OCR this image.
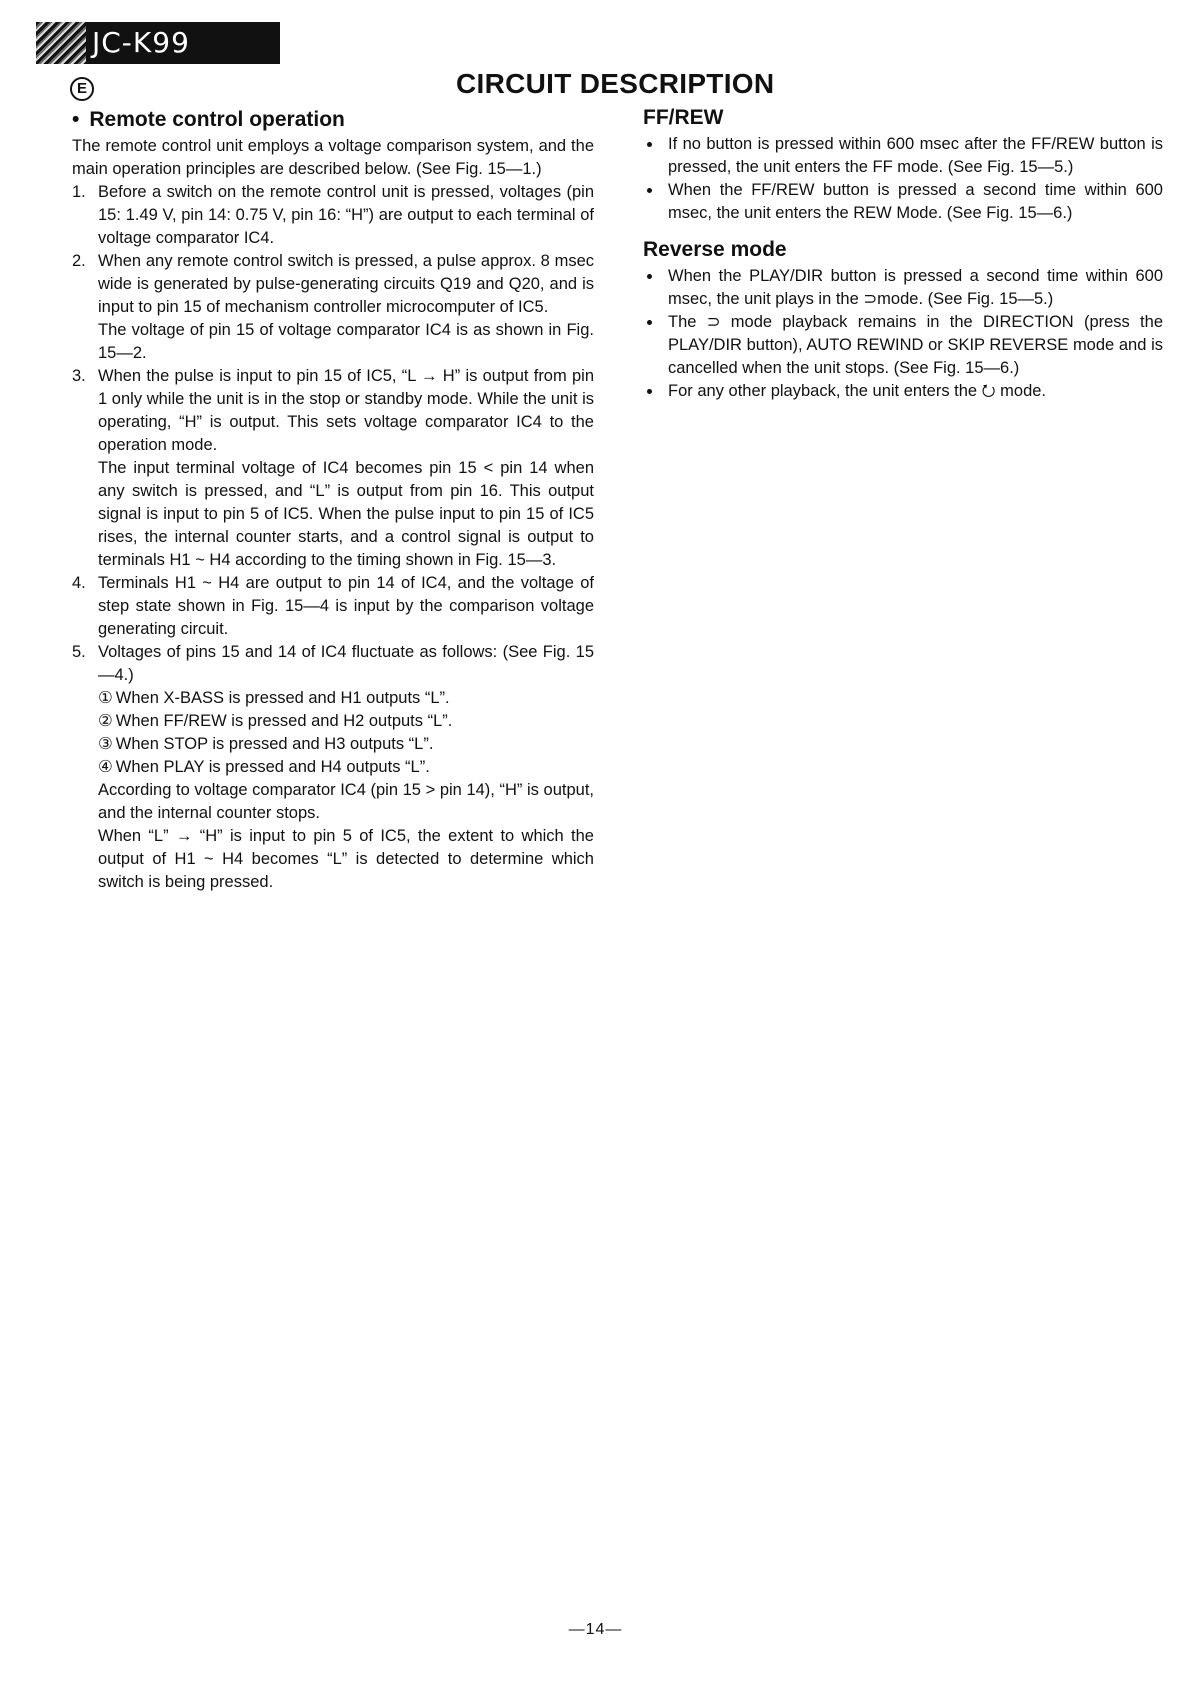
JC-K99
E	CIRCUIT DESCRIPTION
• Remote control operation

The remote control unit employs a voltage comparison system, and the main operation principles are described below. (See Fig. 15—1.)

1. Before a switch on the remote control unit is pressed, voltages (pin 15: 1.49 V, pin 14: 0.75 V, pin 16: “H”) are output to each terminal of voltage comparator IC4.

2. When any remote control switch is pressed, a pulse approx. 8 msec wide is generated by pulse-generating circuits Q19 and Q20, and is input to pin 15 of mechanism controller microcomputer of IC5.

The voltage of pin 15 of voltage comparator IC4 is as shown in Fig. 15—2.

3. When the pulse is input to pin 15 of IC5, “L → H” is output from pin 1 only while the unit is in the stop or standby mode. While the unit is operating, “H” is output. This sets voltage comparator IC4 to the operation mode.

The input terminal voltage of IC4 becomes pin 15 < pin 14 when any switch is pressed, and “L” is output from pin 16. This output signal is input to pin 5 of IC5. When the pulse input to pin 15 of IC5 rises, the internal counter starts, and a control signal is output to terminals H1 ~ H4 according to the timing shown in Fig. 15—3.

4. Terminals H1 ~ H4 are output to pin 14 of IC4, and the voltage of step state shown in Fig. 15—4 is input by the comparison voltage generating circuit.

5. Voltages of pins 15 and 14 of IC4 fluctuate as follows: (See Fig. 15—4.)

① When X-BASS is pressed and H1 outputs “L”.
② When FF/REW is pressed and H2 outputs “L”.
③ When STOP is pressed and H3 outputs “L”.
④ When PLAY is pressed and H4 outputs “L”.

According to voltage comparator IC4 (pin 15 > pin 14), “H” is output, and the internal counter stops.

When “L” → “H” is input to pin 5 of IC5, the extent to which the output of H1 ~ H4 becomes “L” is detected to determine which switch is being pressed.

FF/REW
If no button is pressed within 600 msec after the FF/REW button is pressed, the unit enters the FF mode. (See Fig. 15—5.)
When the FF/REW button is pressed a second time within 600 msec, the unit enters the REW Mode. (See Fig. 15—6.)
Reverse mode
When the PLAY/DIR button is pressed a second time within 600 msec, the unit plays in the ⊃mode. (See Fig. 15—5.)
The ⊃ mode playback remains in the DIRECTION (press the PLAY/DIR button), AUTO REWIND or SKIP REVERSE mode and is cancelled when the unit stops. (See Fig. 15—6.)
For any other playback, the unit enters the ⭮ mode.
—14—
